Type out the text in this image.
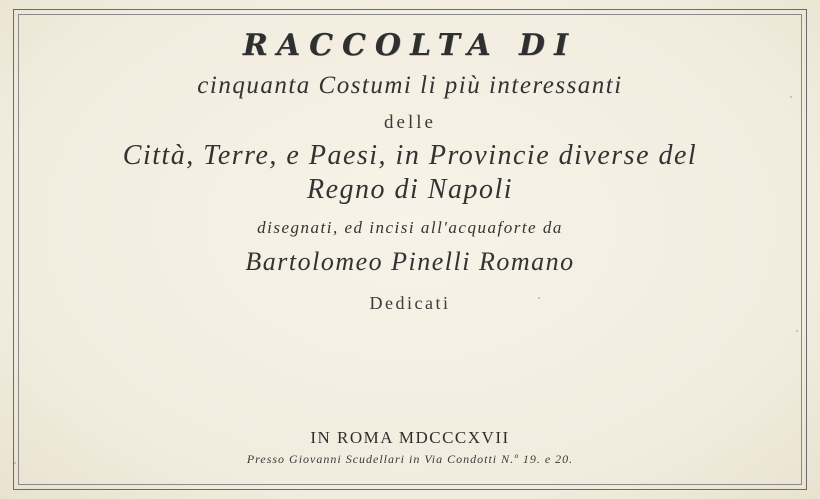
RACCOLTA DI
cinquanta Costumi li più interessanti
delle
Città, Terre, e Paesi, in Provincie diverse del
Regno di Napoli
disegnati, ed incisi all'acquaforte da
Bartolomeo Pinelli Romano
Dedicati
IN ROMA MDCCCXVII
Presso Giovanni Scudellari in Via Condotti N.º 19. e 20.
